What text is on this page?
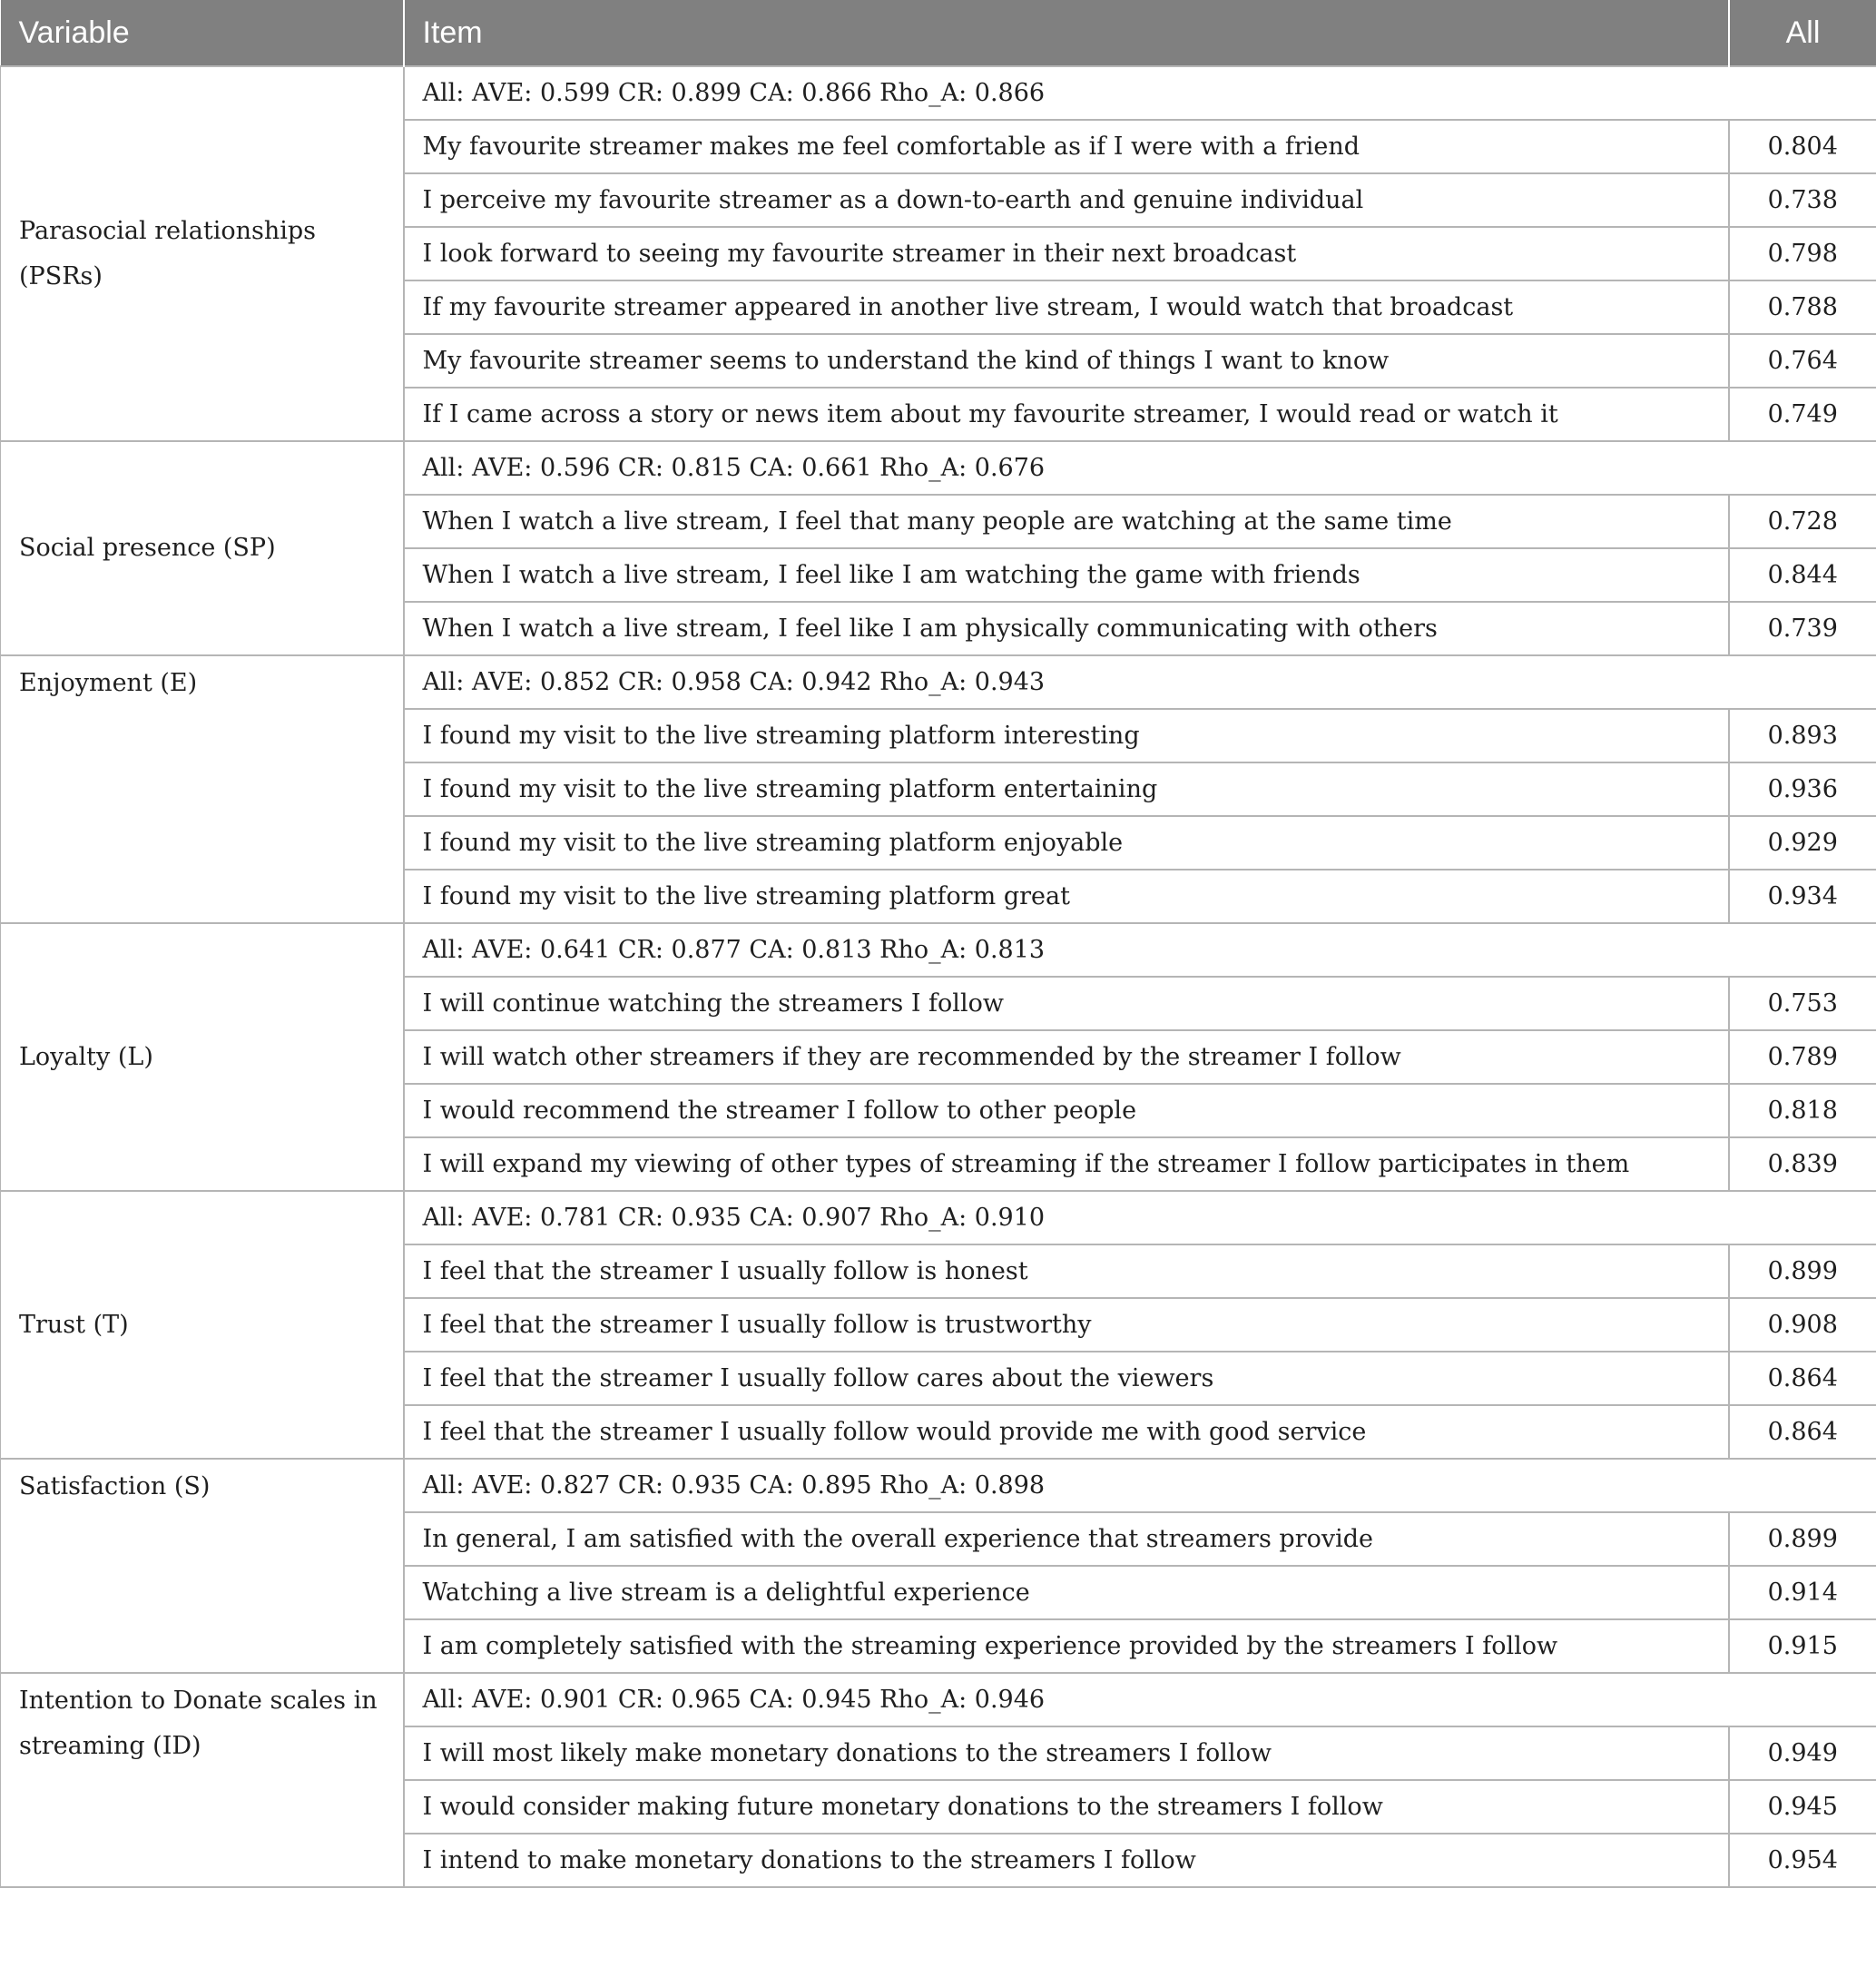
Variable	Item	All
Parasocial relationships (PSRs)	All: AVE: 0.599 CR: 0.899 CA: 0.866 Rho_A: 0.866	
	My favourite streamer makes me feel comfortable as if I were with a friend	0.804
	I perceive my favourite streamer as a down-to-earth and genuine individual	0.738
	I look forward to seeing my favourite streamer in their next broadcast	0.798
	If my favourite streamer appeared in another live stream, I would watch that broadcast	0.788
	My favourite streamer seems to understand the kind of things I want to know	0.764
	If I came across a story or news item about my favourite streamer, I would read or watch it	0.749
Social presence (SP)	All: AVE: 0.596 CR: 0.815 CA: 0.661 Rho_A: 0.676	
	When I watch a live stream, I feel that many people are watching at the same time	0.728
	When I watch a live stream, I feel like I am watching the game with friends	0.844
	When I watch a live stream, I feel like I am physically communicating with others	0.739
Enjoyment (E)	All: AVE: 0.852 CR: 0.958 CA: 0.942 Rho_A: 0.943	
	I found my visit to the live streaming platform interesting	0.893
	I found my visit to the live streaming platform entertaining	0.936
	I found my visit to the live streaming platform enjoyable	0.929
	I found my visit to the live streaming platform great	0.934
Loyalty (L)	All: AVE: 0.641 CR: 0.877 CA: 0.813 Rho_A: 0.813	
	I will continue watching the streamers I follow	0.753
	I will watch other streamers if they are recommended by the streamer I follow	0.789
	I would recommend the streamer I follow to other people	0.818
	I will expand my viewing of other types of streaming if the streamer I follow participates in them	0.839
Trust (T)	All: AVE: 0.781 CR: 0.935 CA: 0.907 Rho_A: 0.910	
	I feel that the streamer I usually follow is honest	0.899
	I feel that the streamer I usually follow is trustworthy	0.908
	I feel that the streamer I usually follow cares about the viewers	0.864
	I feel that the streamer I usually follow would provide me with good service	0.864
Satisfaction (S)	All: AVE: 0.827 CR: 0.935 CA: 0.895 Rho_A: 0.898	
	In general, I am satisfied with the overall experience that streamers provide	0.899
	Watching a live stream is a delightful experience	0.914
	I am completely satisfied with the streaming experience provided by the streamers I follow	0.915
Intention to Donate scales in streaming (ID)	All: AVE: 0.901 CR: 0.965 CA: 0.945 Rho_A: 0.946	
	I will most likely make monetary donations to the streamers I follow	0.949
	I would consider making future monetary donations to the streamers I follow	0.945
	I intend to make monetary donations to the streamers I follow	0.954
